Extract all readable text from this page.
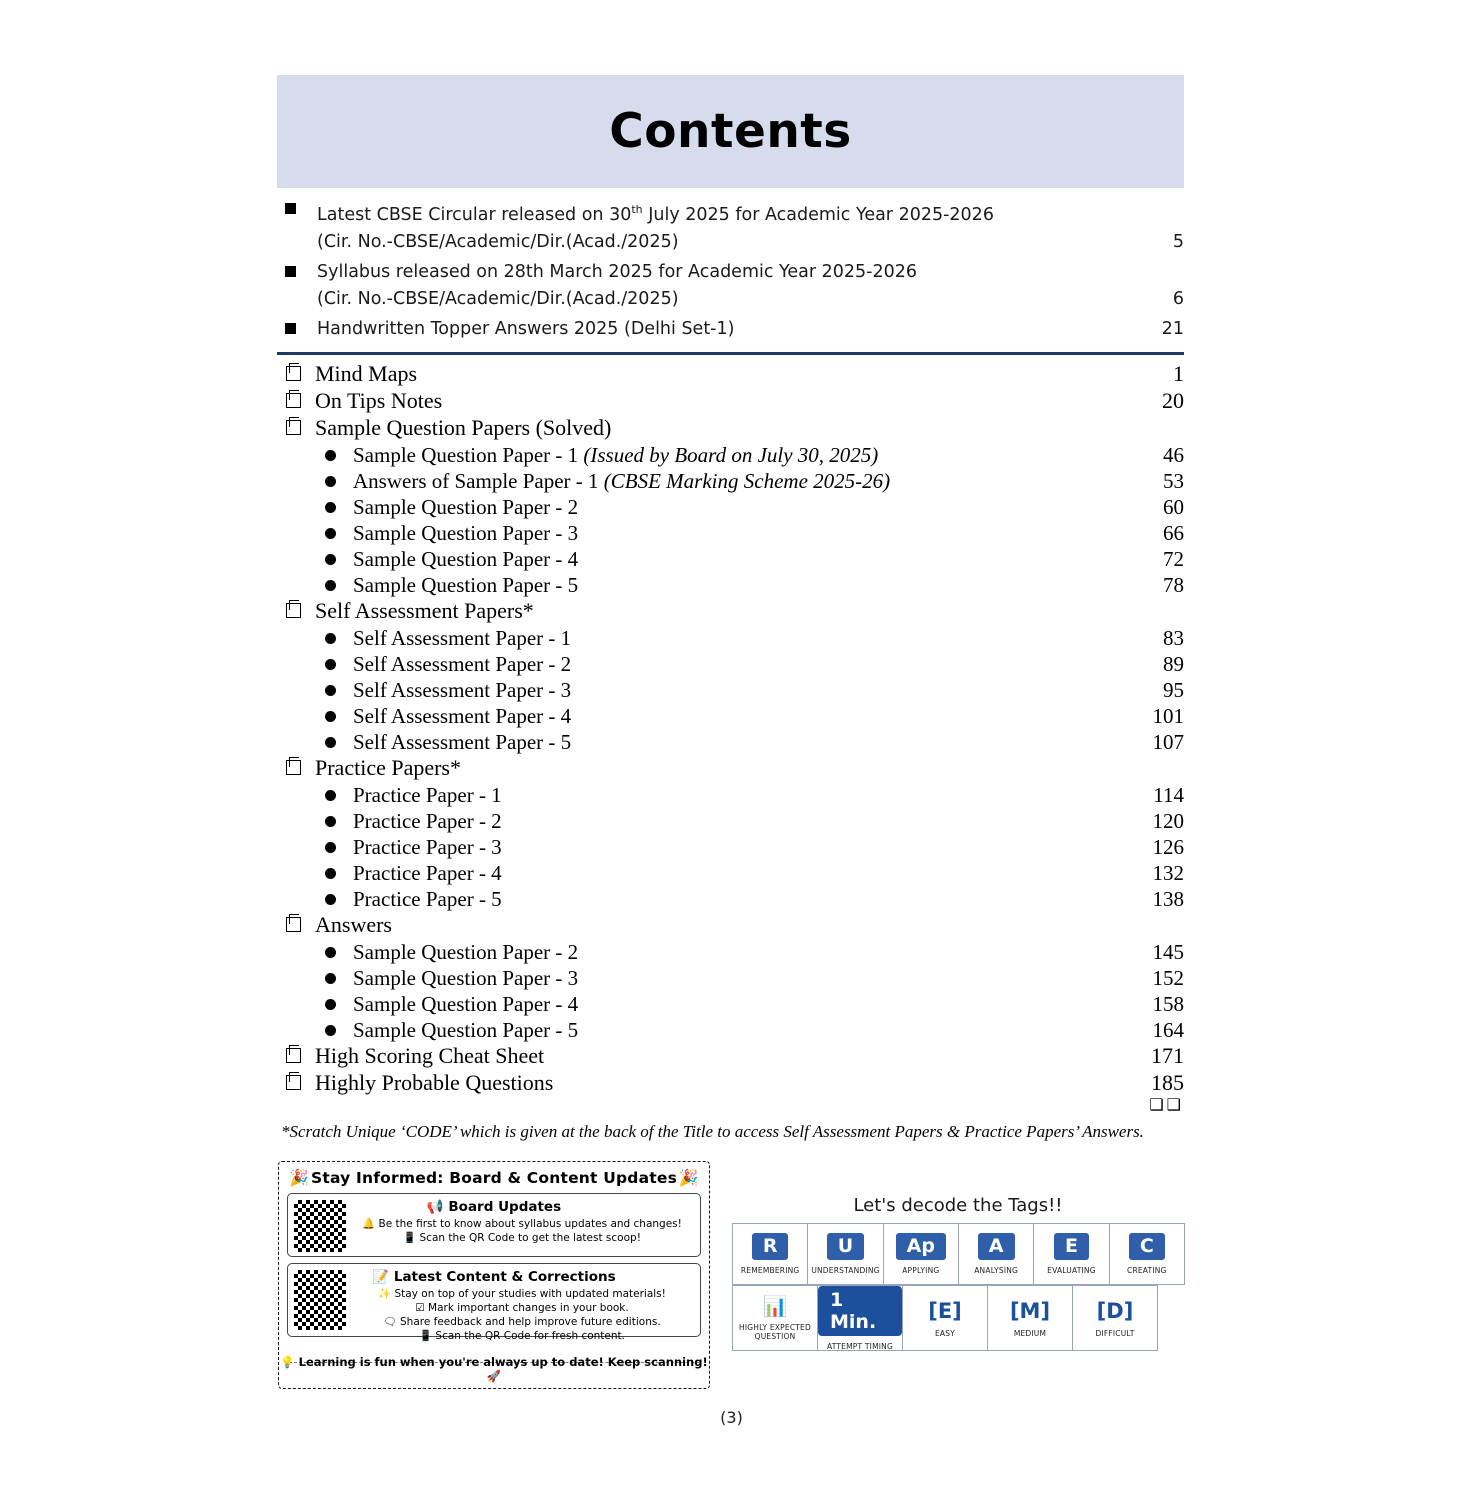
Contents
Latest CBSE Circular released on 30th July 2025 for Academic Year 2025-2026
(Cir. No.-CBSE/Academic/Dir.(Acad./2025)	5
Syllabus released on 28th March 2025 for Academic Year 2025-2026
(Cir. No.-CBSE/Academic/Dir.(Acad./2025)	6
Handwritten Topper Answers 2025 (Delhi Set-1)	21
Mind Maps	1
On Tips Notes	20
Sample Question Papers (Solved)
Sample Question Paper - 1 (Issued by Board on July 30, 2025)	46
Answers of Sample Paper - 1 (CBSE Marking Scheme 2025-26)	53
Sample Question Paper - 2	60
Sample Question Paper - 3	66
Sample Question Paper - 4	72
Sample Question Paper - 5	78
Self Assessment Papers*
Self Assessment Paper - 1	83
Self Assessment Paper - 2	89
Self Assessment Paper - 3	95
Self Assessment Paper - 4	101
Self Assessment Paper - 5	107
Practice Papers*
Practice Paper - 1	114
Practice Paper - 2	120
Practice Paper - 3	126
Practice Paper - 4	132
Practice Paper - 5	138
Answers
Sample Question Paper - 2	145
Sample Question Paper - 3	152
Sample Question Paper - 4	158
Sample Question Paper - 5	164
High Scoring Cheat Sheet	171
Highly Probable Questions	185
❑❑
*Scratch Unique ‘CODE’ which is given at the back of the Title to access Self Assessment Papers & Practice Papers’ Answers.
🎉 Stay Informed: Board & Content Updates 🎉
📢 Board Updates
🔔 Be the first to know about syllabus updates and changes!
📱 Scan the QR Code to get the latest scoop!
📝 Latest Content & Corrections
✨ Stay on top of your studies with updated materials!
☑ Mark important changes in your book.
🗨 Share feedback and help improve future editions.
📱 Scan the QR Code for fresh content.
💡 Learning is fun when you're always up to date! Keep scanning! 🚀
Let's decode the Tags!!
R
REMEMBERING
U
UNDERSTANDING
Ap
APPLYING
A
ANALYSING
E
EVALUATING
C
CREATING
📊
HIGHLY EXPECTED QUESTION
1 Min.
ATTEMPT TIMING
[E]
EASY
[M]
MEDIUM
[D]
DIFFICULT
(3)
